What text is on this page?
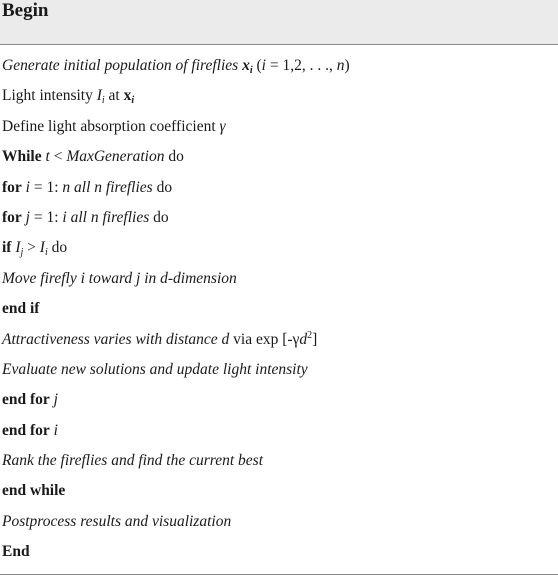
Begin
Generate initial population of fireflies $x_i$ (i = 1,2, . . ., n)
Light intensity $I_i$ at $x_i$
Define light absorption coefficient γ
While t < MaxGeneration do
for i = 1: n all n fireflies do
for j = 1: i all n fireflies do
if $I_j > I_i$ do
Move firefly i toward j in d-dimension
end if
Attractiveness varies with distance d via $\exp [-\gamma d^2]$
Evaluate new solutions and update light intensity
end for j
end for i
Rank the fireflies and find the current best
end while
Postprocess results and visualization
End
